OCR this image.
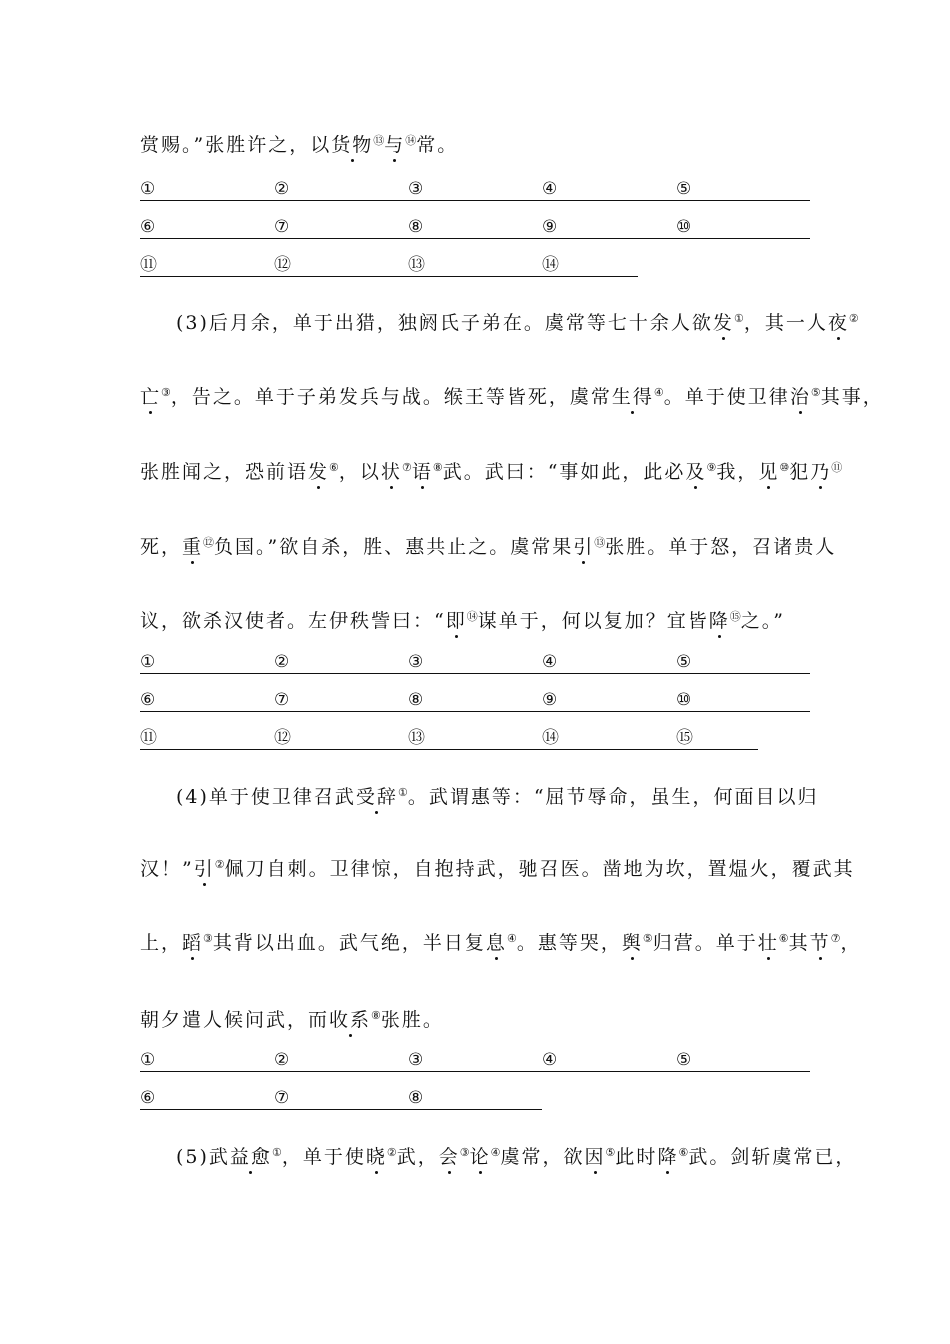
赏赐。”张胜许之，以货物⑬与⑭常。
(3)后月余，单于出猎，独阏氏子弟在。虞常等七十余人欲发①，其一人夜②
亡③，告之。单于子弟发兵与战。缑王等皆死，虞常生得④。单于使卫律治⑤其事，
张胜闻之，恐前语发⑥，以状⑦语⑧武。武曰：“事如此，此必及⑨我，见⑩犯乃⑪
死，重⑫负国。”欲自杀，胜、惠共止之。虞常果引⑬张胜。单于怒，召诸贵人
议，欲杀汉使者。左伊秩訾曰：“即⑭谋单于，何以复加？宜皆降⑮之。”
(4)单于使卫律召武受辞①。武谓惠等：“屈节辱命，虽生，何面目以归
汉！”引②佩刀自刺。卫律惊，自抱持武，驰召医。凿地为坎，置煴火，覆武其
上，蹈③其背以出血。武气绝，半日复息④。惠等哭，舆⑤归营。单于壮⑥其节⑦，
朝夕遣人候问武，而收系⑧张胜。
(5)武益愈①，单于使晓②武，会③论④虞常，欲因⑤此时降⑥武。剑斩虞常已，
①	②	③	④	⑤
⑥	⑦	⑧	⑨	⑩
⑪	⑫	⑬	⑭
①	②	③	④	⑤
⑥	⑦	⑧	⑨	⑩
⑪	⑫	⑬	⑭	⑮
①	②	③	④	⑤
⑥	⑦	⑧
